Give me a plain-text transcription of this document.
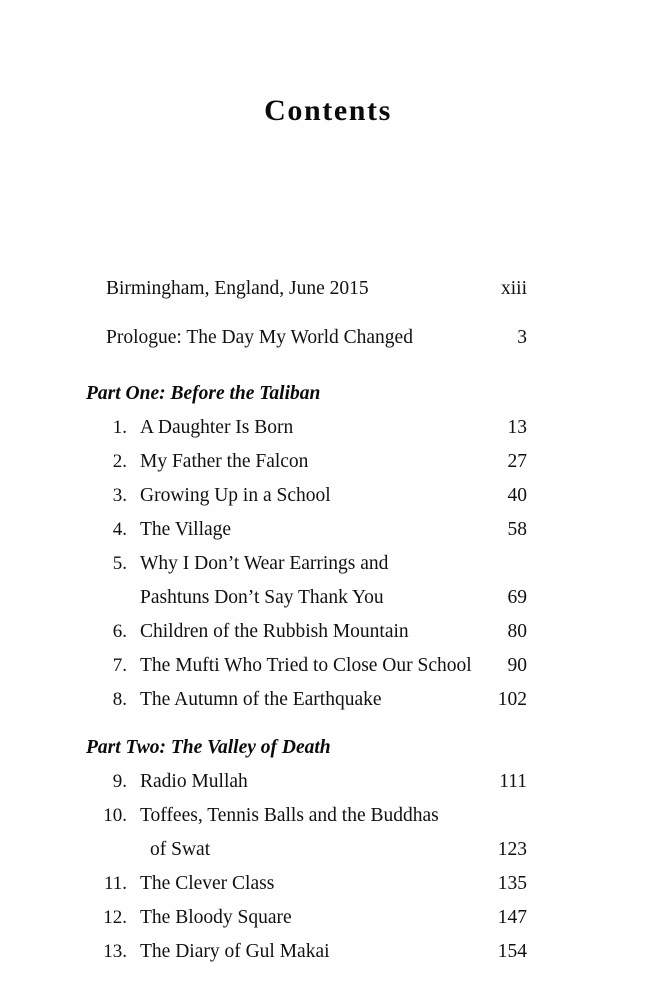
Contents
Birmingham, England, June 2015	xiii
Prologue: The Day My World Changed	3
Part One: Before the Taliban
1. A Daughter Is Born	13
2. My Father the Falcon	27
3. Growing Up in a School	40
4. The Village	58
5. Why I Don’t Wear Earrings and
Pashtuns Don’t Say Thank You	69
6. Children of the Rubbish Mountain	80
7. The Mufti Who Tried to Close Our School	90
8. The Autumn of the Earthquake	102
Part Two: The Valley of Death
9. Radio Mullah	111
10. Toffees, Tennis Balls and the Buddhas
of Swat	123
11. The Clever Class	135
12. The Bloody Square	147
13. The Diary of Gul Makai	154
